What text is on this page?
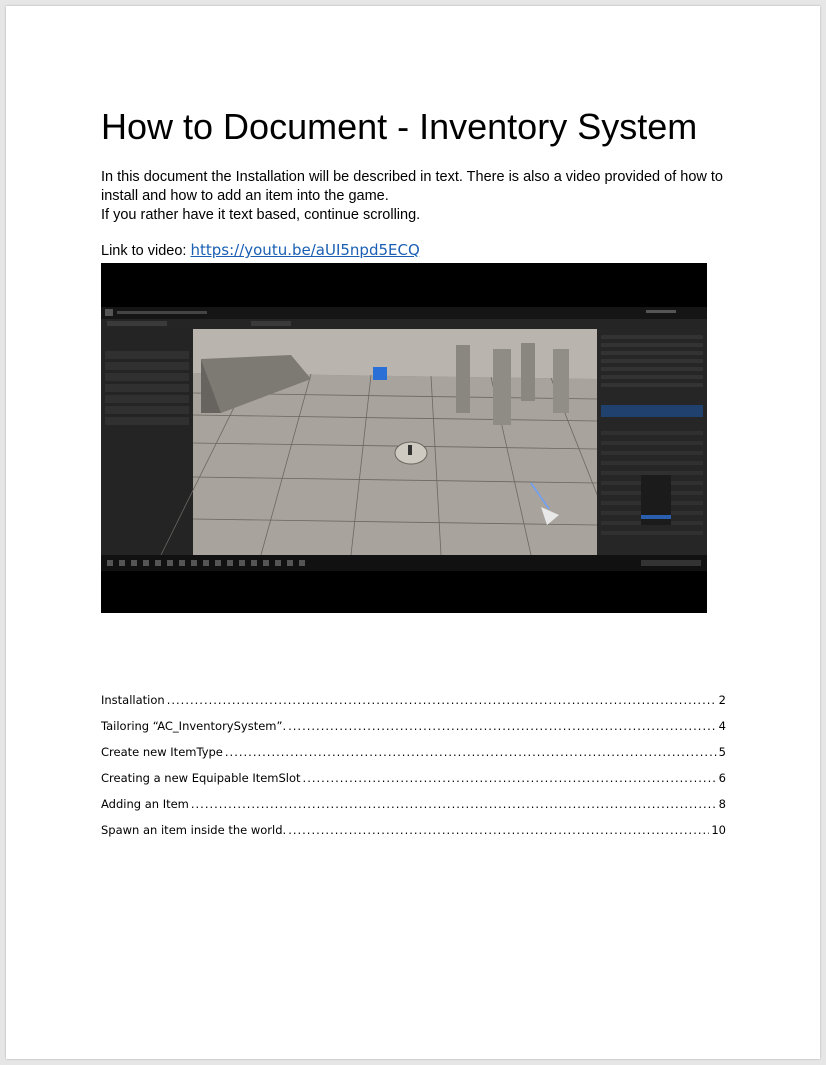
How to Document - Inventory System

In this document the Installation will be described in text. There is also a video provided of how to install and how to add an item into the game.

If you rather have it text based, continue scrolling.

Link to video: https://youtu.be/aUI5npd5ECQ
Installation .....	2
Tailoring “AC_InventorySystem”. .....	4
Create new ItemType .....	5
Creating a new Equipable ItemSlot .....	6
Adding an Item .....	8
Spawn an item inside the world. .....	10
